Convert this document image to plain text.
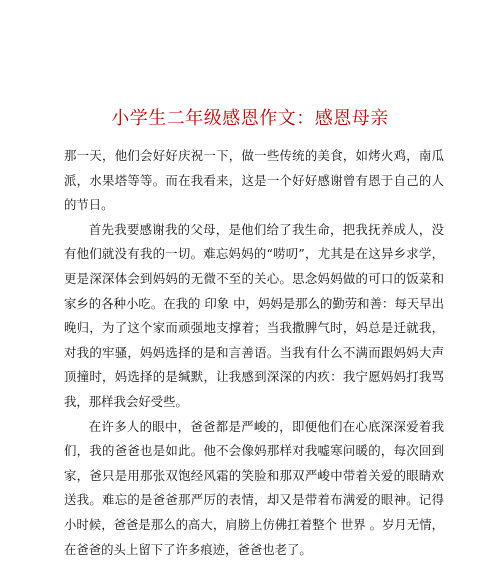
小学生二年级感恩作文：感恩母亲

那一天，他们会好好庆祝一下，做一些传统的美食，如烤火鸡，南瓜派，水果塔等等。而在我看来，这是一个好好感谢曾有恩于自己的人的节日。

首先我要感谢我的父母，是他们给了我生命，把我抚养成人，没有他们就没有我的一切。难忘妈妈的“唠叨”，尤其是在这异乡求学，更是深深体会到妈妈的无微不至的关心。思念妈妈做的可口的饭菜和家乡的各种小吃。在我的 印象 中，妈妈是那么的勤劳和善：每天早出晚归，为了这个家而顽强地支撑着；当我撒脾气时，妈总是迁就我，对我的牢骚，妈妈选择的是和言善语。当我有什么不满而跟妈妈大声顶撞时，妈选择的是缄默，让我感到深深的内疚：我宁愿妈妈打我骂我，那样我会好受些。

在许多人的眼中，爸爸都是严峻的，即便他们在心底深深爱着我们，我的爸爸也是如此。他不会像妈那样对我嘘寒问暖的，每次回到家，爸只是用那张双饱经风霜的笑脸和那双严峻中带着关爱的眼睛欢送我。难忘的是爸爸那严厉的表情，却又是带着布满爱的眼神。记得小时候，爸爸是那么的高大，肩膀上仿佛扛着整个 世界 。岁月无情，在爸爸的头上留下了许多痕迹，爸爸也老了。
